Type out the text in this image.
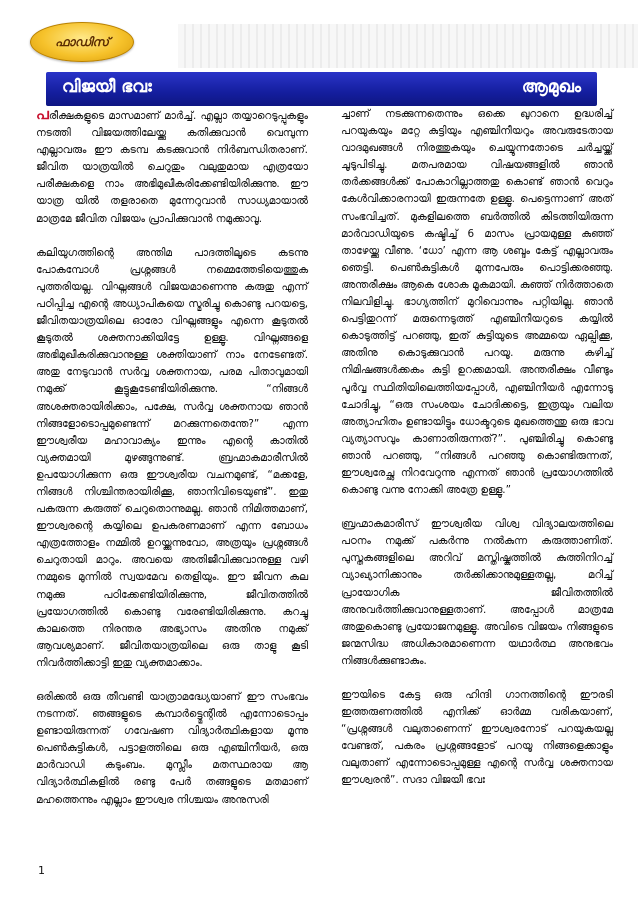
ഫാഡിസ്
വിജയീ ഭവഃ	ആമുഖം

പരീക്ഷകളുടെ മാസമാണ് മാർച്ച്. എല്ലാ തയ്യാറെടുപ്പുകളും നടത്തി വിജയത്തിലേയ്ക്കു കതിക്കുവാൻ വെമ്പുന്ന എല്ലാവരും ഈ കടമ്പ കടക്കുവാൻ നിർബന്ധിതരാണ്. ജീവിത യാത്രയിൽ ചെറുതും വലുതുമായ എത്രയോ പരീക്ഷകളെ നാം അഭിമുഖീകരിക്കേണ്ടിയിരിക്കുന്നു. ഈ യാത്ര യിൽ തളരാതെ മുന്നേറുവാൻ സാധ്യമായാൽ മാത്രമേ ജീവിത വിജയം പ്രാപിക്കുവാൻ നമുക്കാവൂ.

കലിയുഗത്തിന്റെ അന്തിമ പാദത്തിലൂടെ കടന്നു പോകമ്പോൾ പ്രശ്നങ്ങൾ നമ്മെത്തേടിയെത്തുക പുത്തരിയല്ല. വിഘ്നങ്ങൾ വിജയമാണെന്നു കരുതു എന്ന് പഠിപ്പിച്ച എന്റെ അധ്യാപികയെ സ്മരിച്ചു കൊണ്ടു പറയട്ടെ, ജീവിതയാത്രയിലെ ഓരോ വിഘ്നങ്ങളും എന്നെ കൂടുതൽ കൂടുതൽ ശക്തനാക്കിയിട്ടേ ഉള്ളൂ. വിഘ്നങ്ങളെ അഭിമുഖീകരിക്കുവാനുള്ള ശക്തിയാണ് നാം നേടേണ്ടത്. അതു നേടുവാൻ സർവ്വ ശക്തനായ, പരമ പിതാവുമായി നമുക്ക് കൂട്ടുകൂടേണ്ടിയിരിക്കുന്നു. “നിങ്ങൾ അശക്തരായിരിക്കാം, പക്ഷേ, സർവ്വ ശക്തനായ ഞാൻ നിങ്ങളോടൊപ്പമുണ്ടെന്ന് മറക്കുന്നതെന്തേ?” എന്ന ഈശ്വരീയ മഹാവാക്യം ഇന്നും എന്റെ കാതിൽ വ്യക്തമായി മുഴങ്ങുന്നുണ്ട്. ബ്രഹ്മാകമാരീസിൽ ഉപയോഗിക്കുന്ന ഒരു ഈശ്വരീയ വചനമുണ്ട്, “മക്കളേ, നിങ്ങൾ നിശ്ചിന്തരായിരിക്കൂ, ഞാനിവിടെയുണ്ട്”. ഇതു പകരുന്ന കരുത്ത് ചെറുതൊന്നുമല്ല. ഞാൻ നിമിത്തമാണ്, ഈശ്വരന്റെ കയ്യിലെ ഉപകരണമാണ് എന്ന ബോധം എത്രത്തോളം നമ്മിൽ ഉറയ്ക്കുന്നുവോ, അത്രയും പ്രശ്നങ്ങൾ ചെറുതായി മാറും. അവയെ അതിജീവിക്കുവാനുള്ള വഴി നമ്മുടെ മുന്നിൽ സ്വയമേവ തെളിയും. ഈ ജീവന കല നമുക്കു പഠിക്കേണ്ടിയിരിക്കുന്നു, ജീവിതത്തിൽ പ്രയോഗത്തിൽ കൊണ്ടു വരേണ്ടിയിരിക്കുന്നു. കറച്ചു കാലത്തെ നിരന്തര അഭ്യാസം അതിനു നമുക്ക് ആവശ്യമാണ്. ജീവിതയാത്രയിലെ ഒരു താളു കൂടി നിവർത്തിക്കാട്ടി ഇതു വ്യക്തമാക്കാം.

ഒരിക്കൽ ഒരു തീവണ്ടി യാത്രാമദ്ധ്യേയാണ് ഈ സംഭവം നടന്നത്. ഞങ്ങളുടെ കമ്പാർട്ട്മെന്റിൽ എന്നോടൊപ്പം ഉണ്ടായിരുന്നത് ഗവേഷണ വിദ്യാർത്ഥികളായ മൂന്നു പെൺകുട്ടികൾ, പട്ടാളത്തിലെ ഒരു എഞ്ചിനീയർ, ഒരു മാർവാഡി കടുംബം. മുസ്ലീം മതസ്ഥരായ ആ വിദ്യാർത്ഥികളിൽ രണ്ടു പേർ തങ്ങളുടെ മതമാണ് മഹത്തെന്നും എല്ലാം ഈശ്വര നിശ്ചയം അനുസരി

ച്ചാണ് നടക്കുന്നതെന്നും ഒക്കെ ഖുറാനെ ഉദ്ധരിച്ച് പറയുകയും മറ്റേ കുട്ടിയും എഞ്ചിനീയറും അവരുടേതായ വാദമുഖങ്ങൾ നിരത്തുകയും ചെയ്യുന്നതോടെ ചർച്ചയ്ക്ക് ചൂടുപിടിച്ചു. മതപരമായ വിഷയങ്ങളിൽ ഞാൻ തർക്കങ്ങൾക്ക് പോകാറില്ലാത്തതു കൊണ്ട് ഞാൻ വെറും കേൾവിക്കാരനായി ഇരുന്നതേ ഉള്ളൂ. പെട്ടെന്നാണ് അത് സംഭവിച്ചത്. മുകളിലത്തെ ബർത്തിൽ കിടത്തിയിരുന്ന മാർവാഡിയുടെ കഷ്ടിച്ച് 6 മാസം പ്രായമുള്ള കുഞ്ഞ് താഴേയ്ക്കു വീണു. ‘ധോ’ എന്ന ആ ശബ്ദം കേട്ട് എല്ലാവരും ഞെട്ടി. പെൺകുട്ടികൾ മുന്നപേരും പൊട്ടിക്കരഞ്ഞു. അന്തരീക്ഷം ആകെ ശോക മൂകമായി. കുഞ്ഞ് നിർത്താതെ നിലവിളിച്ചു. ഭാഗ്യത്തിന് മുറിവൊന്നും പറ്റിയില്ല. ഞാൻ പെട്ടിതുറന്ന് മരുന്നെടുത്ത് എഞ്ചിനീയറുടെ കയ്യിൽ കൊടുത്തിട്ട് പറഞ്ഞു, ഇത് കുട്ടിയുടെ അമ്മയെ ഏല്പിക്കൂ, അതിനു കൊടുക്കുവാൻ പറയൂ. മരുന്നു കഴിച്ച് നിമിഷങ്ങൾക്കകം കുട്ടി ഉറക്കമായി. അന്തരീക്ഷം വീണ്ടും പൂർവ്വ സ്ഥിതിയിലെത്തിയപ്പോൾ, എഞ്ചിനീയർ എന്നോടു ചോദിച്ചു, “ഒരു സംശയം ചോദിക്കട്ടെ, ഇത്രയും വലിയ അത്യാഹിതം ഉണ്ടായിട്ടും ധോക്ടറുടെ മുഖത്തെന്തു ഒരു ഭാവ വ്യത്യാസവും കാണാതിരുന്നത്?”. പുഞ്ചിരിച്ചു കൊണ്ടു ഞാൻ പറഞ്ഞു, “നിങ്ങൾ പറഞ്ഞു കൊണ്ടിരുന്നത്, ഈശ്വരേച്ഛ നിറവേറുന്നു എന്നത് ഞാൻ പ്രയോഗത്തിൽ കൊണ്ടു വന്നു നോക്കി അത്രേ ഉള്ളൂ.”

ബ്രഹ്മാകമാരീസ് ഈശ്വരീയ വിശ്വ വിദ്യാലയത്തിലെ പഠനം നമുക്ക് പകർന്നു നൽകുന്ന കരുത്താണിത്. പുസ്തകങ്ങളിലെ അറിവ് മസ്തിഷ്കത്തിൽ കുത്തിനിറച്ച് വ്യാഖ്യാനിക്കാനും തർക്കിക്കാനുമുള്ളതല്ല, മറിച്ച് പ്രായോഗിക ജീവിതത്തിൽ അനുവർത്തിക്കുവാനുള്ളതാണ്. അപ്പോൾ മാത്രമേ അതുകൊണ്ടു പ്രയോജനമുള്ളൂ. അവിടെ വിജയം നിങ്ങളുടെ ജന്മസിദ്ധ അധികാരമാണെന്ന യഥാർത്ഥ അനുഭവം നിങ്ങൾക്കുണ്ടാകും.

ഈയിടെ കേട്ട ഒരു ഹിന്ദി ഗാനത്തിന്റെ ഈരടി ഇത്തരുണത്തിൽ എനിക്ക് ഓർമ്മ വരികയാണ്, “പ്രശ്നങ്ങൾ വലുതാണെന്ന് ഈശ്വരനോട് പറയുകയല്ല വേണ്ടത്, പകരം പ്രശ്നങ്ങളോട് പറയൂ നിങ്ങളെക്കാളും വലുതാണ് എന്നോടൊപ്പമുള്ള എന്റെ സർവ്വ ശക്തനായ ഈശ്വരൻ”. സദാ വിജയീ ഭവഃ

1
